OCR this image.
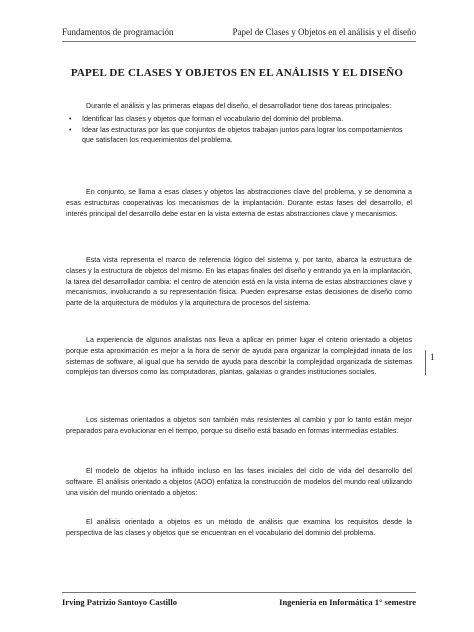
Fundamentos de programación	Papel de Clases y Objetos en el análisis y el diseño
PAPEL DE CLASES Y OBJETOS EN EL ANÁLISIS Y EL DISEÑO

Durante el análisis y las primeras etapas del diseño, el desarrollador tiene dos tareas principales:

• Identificar las clases y objetos que forman el vocabulario del dominio del problema.
• Idear las estructuras por las que conjuntos de objetos trabajan juntos para lograr los comportamientos que satisfacen los requerimientos del problema.

En conjunto, se llama a esas clases y objetos las abstracciones clave del problema, y se denomina a esas estructuras cooperativas los mecanismos de la implantación. Durante estas fases del desarrollo, el interés principal del desarrollo debe estar en la vista externa de estas abstracciones clave y mecanismos.

Esta vista representa el marco de referencia lógico del sistema y, por tanto, abarca la estructura de clases y la estructura de objetos del mismo. En las etapas finales del diseño y entrando ya en la implantación, la tarea del desarrollador cambia: el centro de atención está en la vista interna de estas abstracciones clave y mecanismos, involucrando a su representación física. Pueden expresarse estas decisiones de diseño como parte de la arquitectura de módulos y la arquitectura de procesos del sistema.

La experiencia de algunos analistas nos lleva a aplicar en primer lugar el criterio orientado a objetos porque esta aproximación es mejor a la hora de servir de ayuda para organizar la complejidad innata de los sistemas de software, al igual que ha servido de ayuda para describir la complejidad organizada de sistemas complejos tan diversos como las computadoras, plantas, galaxias o grandes instituciones sociales.

Los sistemas orientados a objetos son también más resistentes al cambio y por lo tanto están mejor preparados para evolucionar en el tiempo, porque su diseño está basado en formas intermedias estables.

El modelo de objetos ha influido incluso en las fases iniciales del ciclo de vida del desarrollo del software. El análisis orientado a objetos (AOO) enfatiza la construcción de modelos del mundo real utilizando una visión del mundo orientado a objetos:

El análisis orientado a objetos es un método de análisis que examina los requisitos desde la perspectiva de las clases y objetos que se encuentran en el vocabulario del dominio del problema.

1
Irving Patrizio Santoyo Castillo	Ingeniería en Informática 1° semestre
